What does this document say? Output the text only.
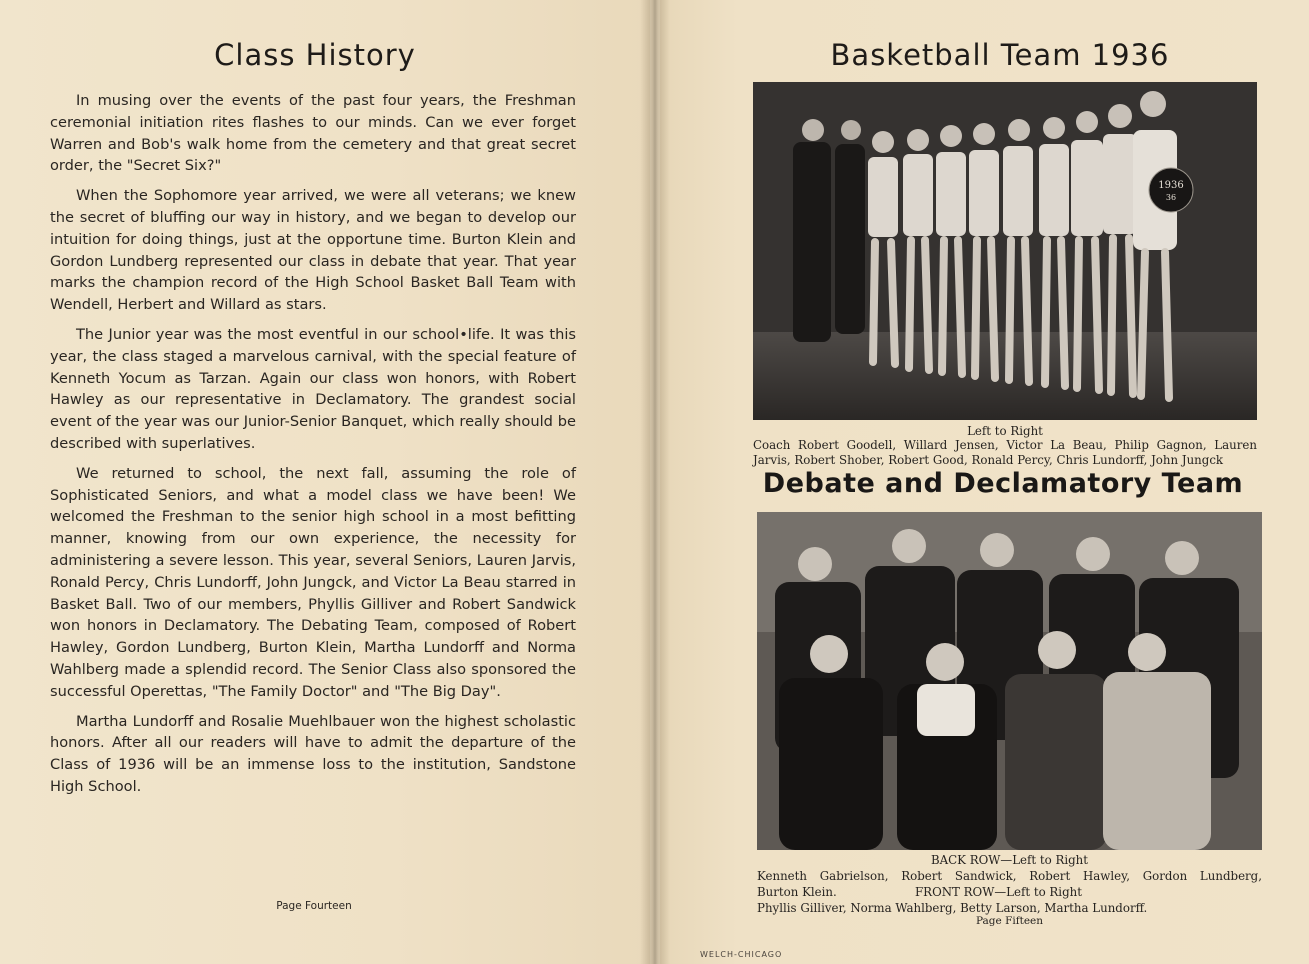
Class History

In musing over the events of the past four years, the Freshman ceremonial initiation rites flashes to our minds. Can we ever forget Warren and Bob's walk home from the cemetery and that great secret order, the "Secret Six?"

When the Sophomore year arrived, we were all veterans; we knew the secret of bluffing our way in history, and we began to develop our intuition for doing things, just at the opportune time. Burton Klein and Gordon Lundberg represented our class in debate that year. That year marks the champion record of the High School Basket Ball Team with Wendell, Herbert and Willard as stars.

The Junior year was the most eventful in our school•life. It was this year, the class staged a marvelous carnival, with the special feature of Kenneth Yocum as Tarzan. Again our class won honors, with Robert Hawley as our representative in Declamatory. The grandest social event of the year was our Junior-Senior Banquet, which really should be described with superlatives.

We returned to school, the next fall, assuming the role of Sophisticated Seniors, and what a model class we have been! We welcomed the Freshman to the senior high school in a most befitting manner, knowing from our own experience, the necessity for administering a severe lesson. This year, several Seniors, Lauren Jarvis, Ronald Percy, Chris Lundorff, John Jungck, and Victor La Beau starred in Basket Ball. Two of our members, Phyllis Gilliver and Robert Sandwick won honors in Declamatory. The Debating Team, composed of Robert Hawley, Gordon Lundberg, Burton Klein, Martha Lundorff and Norma Wahlberg made a splendid record. The Senior Class also sponsored the successful Operettas, "The Family Doctor" and "The Big Day".

Martha Lundorff and Rosalie Muehlbauer won the highest scholastic honors. After all our readers will have to admit the departure of the Class of 1936 will be an immense loss to the institution, Sandstone High School.

Page Fourteen
Basketball Team 1936
1936
36
Left to Right
Coach Robert Goodell, Willard Jensen, Victor La Beau, Philip Gagnon, Lauren Jarvis, Robert Shober, Robert Good, Ronald Percy, Chris Lundorff, John Jungck
Debate and Declamatory Team
BACK ROW—Left to Right
Kenneth Gabrielson, Robert Sandwick, Robert Hawley, Gordon Lundberg,
Burton Klein.	FRONT ROW—Left to Right
Phyllis Gilliver, Norma Wahlberg, Betty Larson, Martha Lundorff.
Page Fifteen
WELCH-CHICAGO
